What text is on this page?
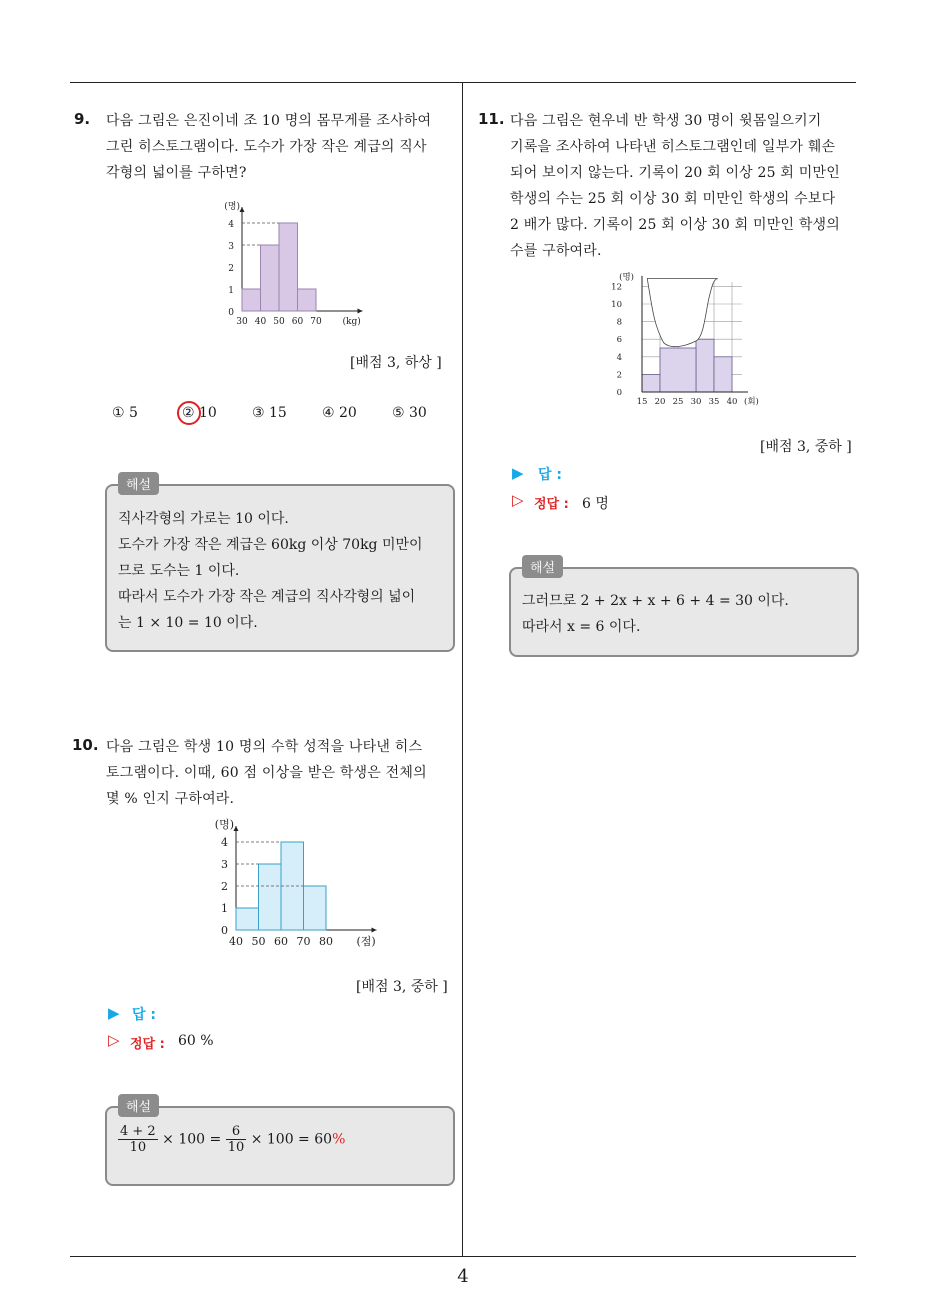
9. 다음 그림은 은진이네 조 10 명의 몸무게를 조사하여
그린 히스토그램이다. 도수가 가장 작은 계급의 직사
각형의 넓이를 구하면?
0
1
2
3
4
30 40 50 60 70 (kg)
(명)
[배점 3, 하상 ]
① 5	② 10	③ 15	④ 20	⑤ 30
해설
직사각형의 가로는 10 이다.
도수가 가장 작은 계급은 60kg 이상 70kg 미만이
므로 도수는 1 이다.
따라서 도수가 가장 작은 계급의 직사각형의 넓이
는 1 × 10 = 10 이다.
10. 다음 그림은 학생 10 명의 수학 성적을 나타낸 히스
토그램이다. 이때, 60 점 이상을 받은 학생은 전체의
몇 % 인지 구하여라.
0
1
2
3
4
40 50 60 70 80 (점)
(명)
[배점 3, 중하 ]
▶ 답 :
▷ 정답 : 60 %
해설
$\frac{4 + 2}{10} \times 100 = \frac{6}{10} \times 100 = 60\%$
11. 다음 그림은 현우네 반 학생 30 명이 윗몸일으키기
기록을 조사하여 나타낸 히스토그램인데 일부가 훼손
되어 보이지 않는다. 기록이 20 회 이상 25 회 미만인
학생의 수는 25 회 이상 30 회 미만인 학생의 수보다
2 배가 많다. 기록이 25 회 이상 30 회 미만인 학생의
수를 구하여라.
0
2
4
6
8
10
12
15 20 25 30 35 40 (회)
(명)
[배점 3, 중하 ]
▶ 답 :
▷ 정답 : 6 명
해설
그러므로 2 + 2x + x + 6 + 4 = 30 이다.
따라서 x = 6 이다.
4
